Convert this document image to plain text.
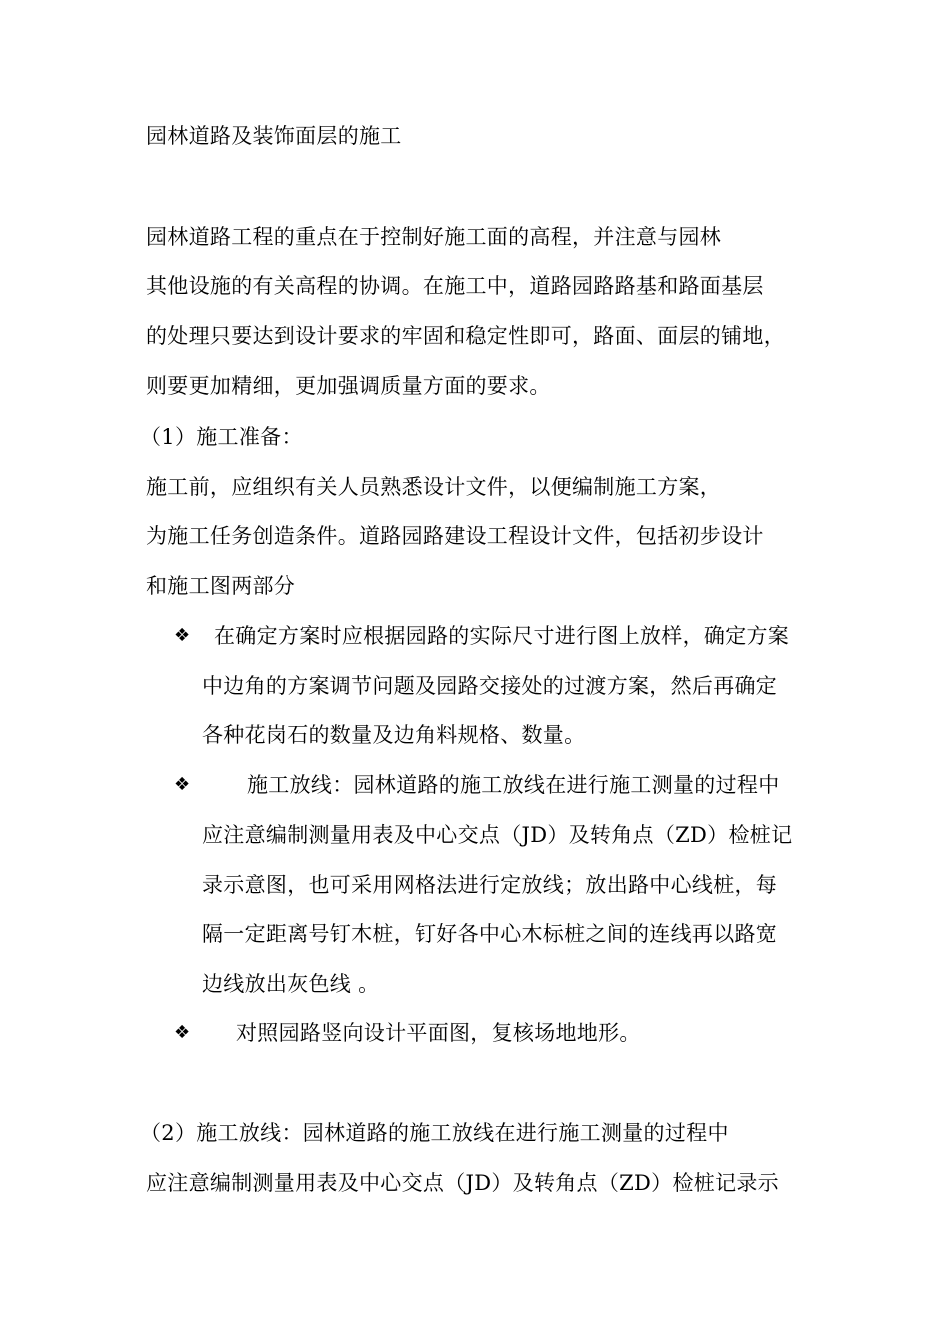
园林道路及装饰面层的施工
园林道路工程的重点在于控制好施工面的高程，并注意与园林
其他设施的有关高程的协调。在施工中，道路园路路基和路面基层
的处理只要达到设计要求的牢固和稳定性即可，路面、面层的铺地，
则要更加精细，更加强调质量方面的要求。
（1）施工准备：
施工前，应组织有关人员熟悉设计文件，以便编制施工方案，
为施工任务创造条件。道路园路建设工程设计文件，包括初步设计
和施工图两部分
❖ 在确定方案时应根据园路的实际尺寸进行图上放样，确定方案
中边角的方案调节问题及园路交接处的过渡方案，然后再确定
各种花岗石的数量及边角料规格、数量。
❖	施工放线：园林道路的施工放线在进行施工测量的过程中
应注意编制测量用表及中心交点（JD）及转角点（ZD）检桩记
录示意图，也可采用网格法进行定放线；放出路中心线桩，每
隔一定距离号钉木桩，钉好各中心木标桩之间的连线再以路宽
边线放出灰色线 。
❖ 对照园路竖向设计平面图，复核场地地形。
（2）施工放线：园林道路的施工放线在进行施工测量的过程中
应注意编制测量用表及中心交点（JD）及转角点（ZD）检桩记录示
